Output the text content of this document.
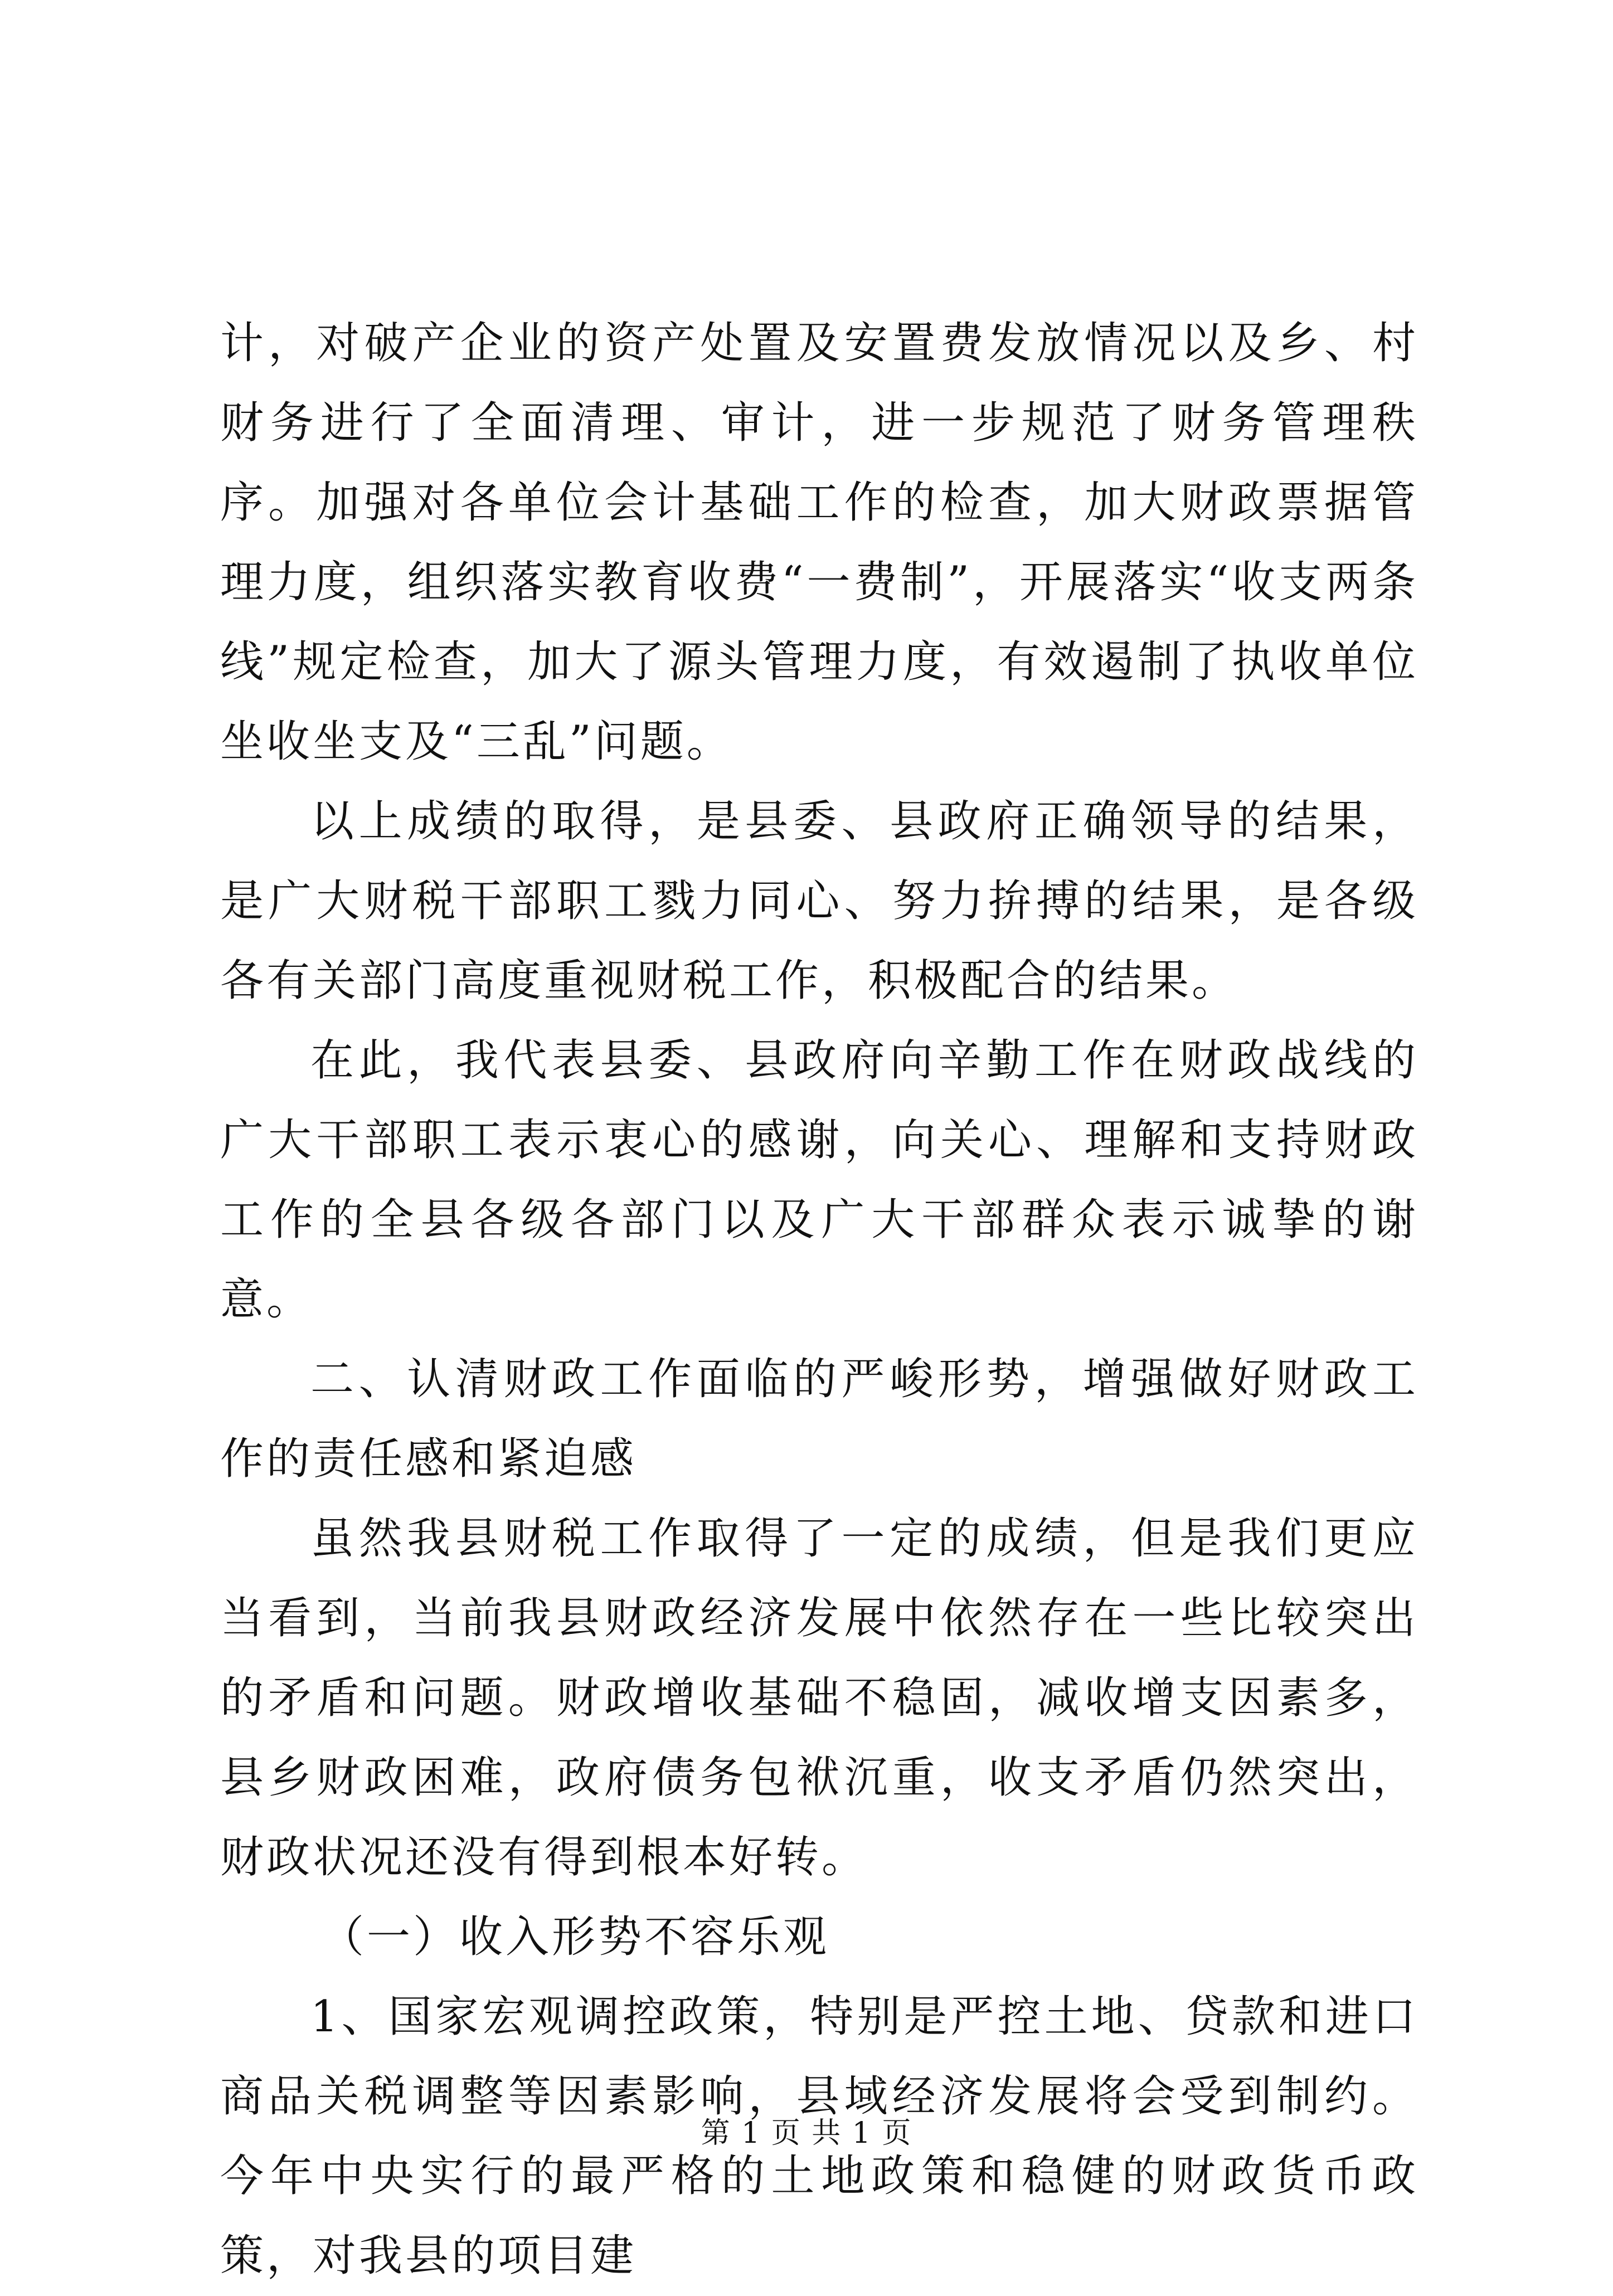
计，对破产企业的资产处置及安置费发放情况以及乡、村财务进行了全面清理、审计，进一步规范了财务管理秩序。加强对各单位会计基础工作的检查，加大财政票据管理力度，组织落实教育收费“一费制”，开展落实“收支两条线”规定检查，加大了源头管理力度，有效遏制了执收单位坐收坐支及“三乱”问题。

以上成绩的取得，是县委、县政府正确领导的结果，是广大财税干部职工戮力同心、努力拚搏的结果，是各级各有关部门高度重视财税工作，积极配合的结果。

在此，我代表县委、县政府向辛勤工作在财政战线的广大干部职工表示衷心的感谢，向关心、理解和支持财政工作的全县各级各部门以及广大干部群众表示诚挚的谢意。

二、认清财政工作面临的严峻形势，增强做好财政工作的责任感和紧迫感

虽然我县财税工作取得了一定的成绩，但是我们更应当看到，当前我县财政经济发展中依然存在一些比较突出的矛盾和问题。财政增收基础不稳固，减收增支因素多，县乡财政困难，政府债务包袱沉重，收支矛盾仍然突出，财政状况还没有得到根本好转。

（一）收入形势不容乐观

1、国家宏观调控政策，特别是严控土地、贷款和进口商品关税调整等因素影响，县域经济发展将会受到制约。今年中央实行的最严格的土地政策和稳健的财政货币政策，对我县的项目建

第 1 页 共 1 页
